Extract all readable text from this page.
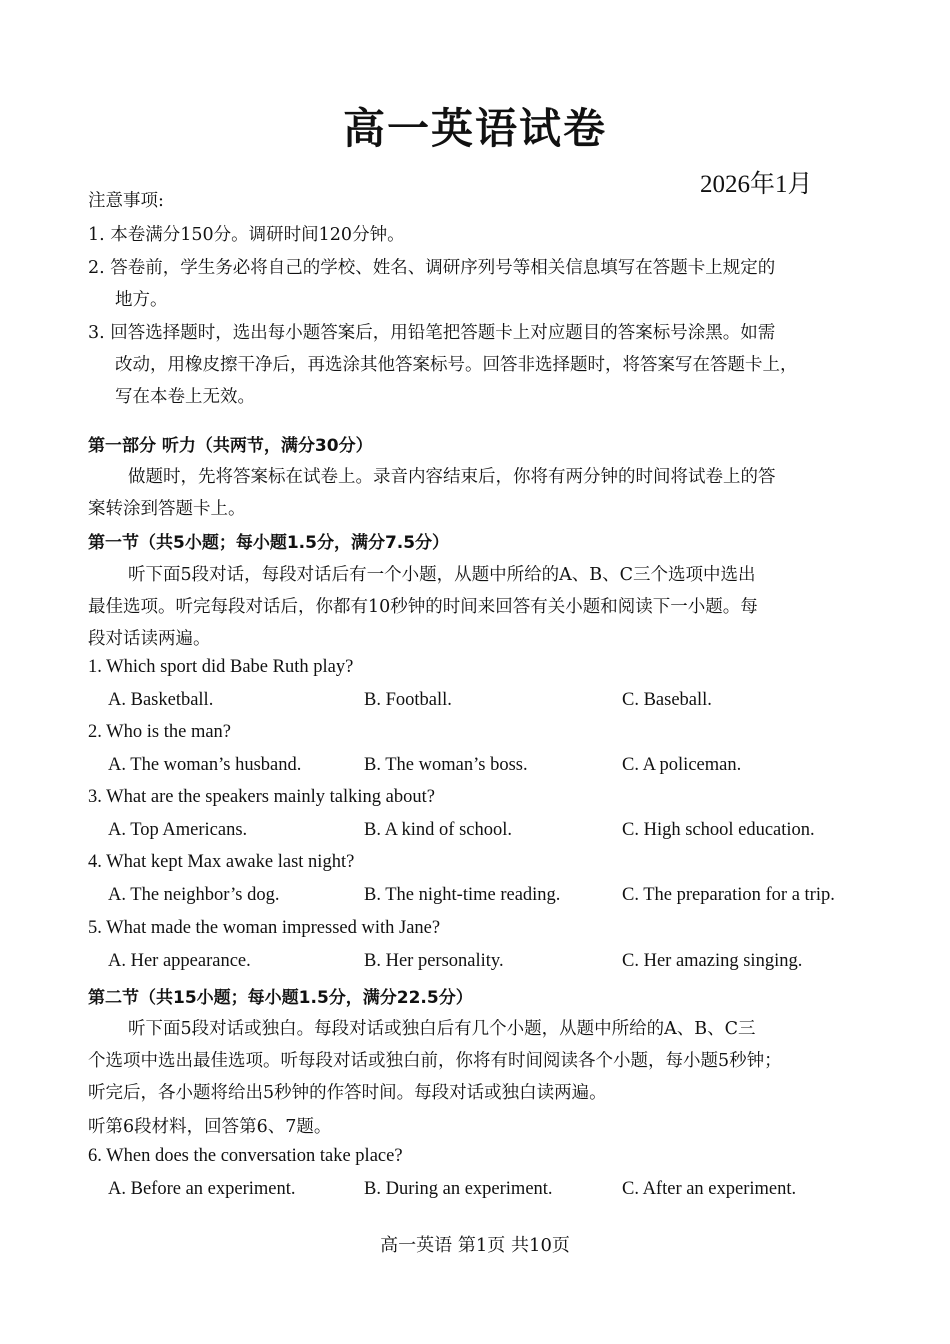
高一英语试卷
2026年1月
注意事项:
1. 本卷满分150分。调研时间120分钟。
2. 答卷前，学生务必将自己的学校、姓名、调研序列号等相关信息填写在答题卡上规定的
地方。
3. 回答选择题时，选出每小题答案后，用铅笔把答题卡上对应题目的答案标号涂黑。如需
改动，用橡皮擦干净后，再选涂其他答案标号。回答非选择题时，将答案写在答题卡上，
写在本卷上无效。
第一部分 听力（共两节，满分30分）
做题时，先将答案标在试卷上。录音内容结束后，你将有两分钟的时间将试卷上的答
案转涂到答题卡上。
第一节（共5小题；每小题1.5分，满分7.5分）
听下面5段对话，每段对话后有一个小题，从题中所给的A、B、C三个选项中选出
最佳选项。听完每段对话后，你都有10秒钟的时间来回答有关小题和阅读下一小题。每
段对话读两遍。
1. Which sport did Babe Ruth play?
A. Basketball.	B. Football.	C. Baseball.
2. Who is the man?
A. The woman’s husband.	B. The woman’s boss.	C. A policeman.
3. What are the speakers mainly talking about?
A. Top Americans.	B. A kind of school.	C. High school education.
4. What kept Max awake last night?
A. The neighbor’s dog.	B. The night-time reading.	C. The preparation for a trip.
5. What made the woman impressed with Jane?
A. Her appearance.	B. Her personality.	C. Her amazing singing.
第二节（共15小题；每小题1.5分，满分22.5分）
听下面5段对话或独白。每段对话或独白后有几个小题，从题中所给的A、B、C三
个选项中选出最佳选项。听每段对话或独白前，你将有时间阅读各个小题，每小题5秒钟；
听完后，各小题将给出5秒钟的作答时间。每段对话或独白读两遍。
听第6段材料，回答第6、7题。
6. When does the conversation take place?
A. Before an experiment.	B. During an experiment.	C. After an experiment.
高一英语 第1页 共10页
